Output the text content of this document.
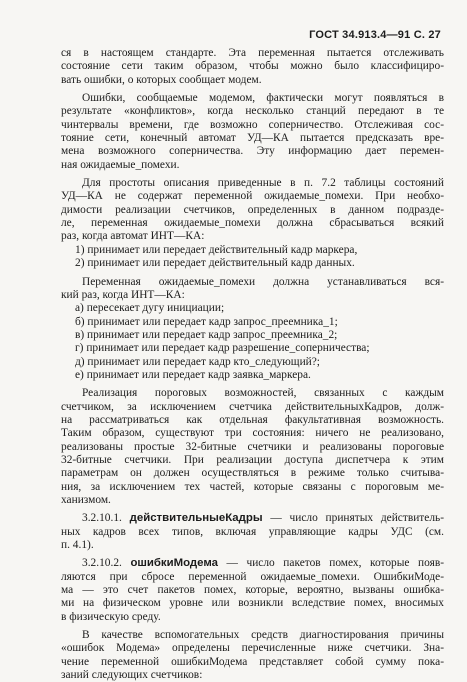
ГОСТ 34.913.4—91 С. 27
ся в настоящем стандарте. Эта переменная пытается отслеживать
состояние сети таким образом, чтобы можно было классифициро-
вать ошибки, о которых сообщает модем.
Ошибки, сообщаемые модемом, фактически могут появляться в
результате «конфликтов», когда несколько станций передают в те
чинтервалы времени, где возможно соперничество. Отслеживая сос-
тояние сети, конечный автомат УД—КА пытается предсказать вре-
мена возможного соперничества. Эту информацию дает перемен-
ная ожидаемые_помехи.
Для простоты описания приведенные в п. 7.2 таблицы состояний
УД—КА не содержат переменной ожидаемые_помехи. При необхо-
димости реализации счетчиков, определенных в данном подразде-
ле, переменная ожидаемые_помехи должна сбрасываться всякий
раз, когда автомат ИНТ—КА:
1) принимает или передает действительный кадр маркера,
2) принимает или передает действительный кадр данных.
Переменная ожидаемые_помехи должна устанавливаться вся-
кий раз, когда ИНТ—КА:
а) пересекает дугу инициации;
б) принимает или передает кадр запрос_преемника_1;
в) принимает или передает кадр запрос_преемника_2;
г) принимает или передает кадр разрешение_соперничества;
д) принимает или передает кадр кто_следующий?;
е) принимает или передает кадр заявка_маркера.
Реализация пороговых возможностей, связанных с каждым
счетчиком, за исключением счетчика действительныхКадров, долж-
на рассматриваться как отдельная факультативная возможность.
Таким образом, существуют три состояния: ничего не реализовано,
реализованы простые 32-битные счетчики и реализованы пороговые
32-битные счетчики. При реализации доступа диспетчера к этим
параметрам он должен осуществляться в режиме только считыва-
ния, за исключением тех частей, которые связаны с пороговым ме-
ханизмом.
3.2.10.1. действительныеКадры — число принятых действитель-
ных кадров всех типов, включая управляющие кадры УДС (см.
п. 4.1).
3.2.10.2. ошибкиМодема — число пакетов помех, которые появ-
ляются при сбросе переменной ожидаемые_помехи. ОшибкиМоде-
ма — это счет пакетов помех, которые, вероятно, вызваны ошибка-
ми на физическом уровне или возникли вследствие помех, вносимых
в физическую среду.
В качестве вспомогательных средств диагностирования причины
«ошибок Модема» определены перечисленные ниже счетчики. Зна-
чение переменной ошибкиМодема представляет собой сумму пока-
заний следующих счетчиков:
